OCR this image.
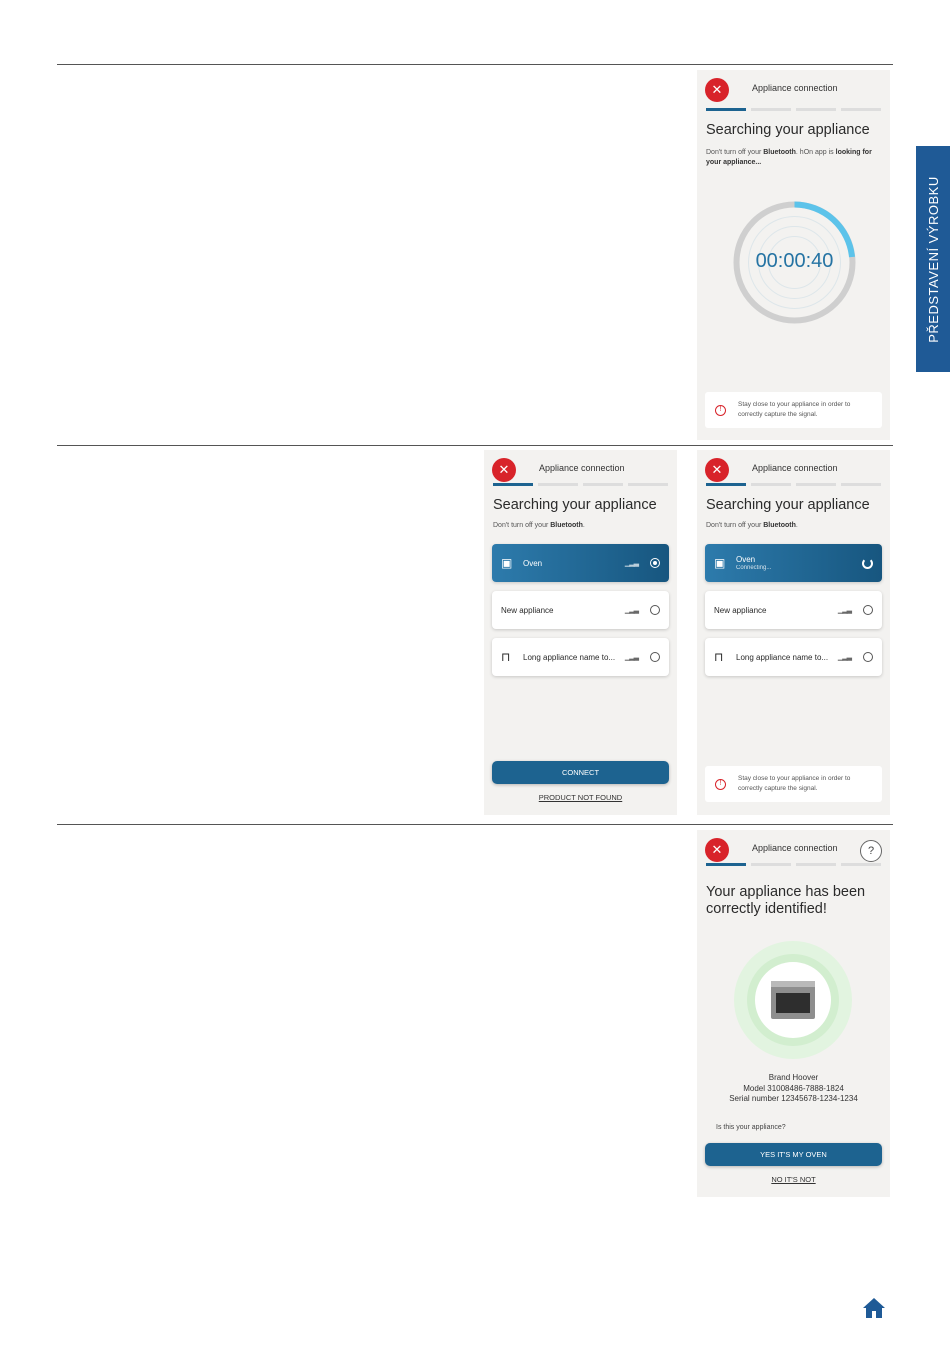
PŘEDSTAVENÍ VÝROBKU
✕	Appliance connection
Searching your appliance
Don't turn off your Bluetooth. hOn app is looking for your appliance...
00:00:40
!
Stay close to your appliance in order to correctly capture the signal.
✕	Appliance connection
Searching your appliance
Don't turn off your Bluetooth.
▣	Oven	▁▂▃
New appliance	▁▂▃
⊓	Long appliance name to...	▁▂▃
CONNECT
PRODUCT NOT FOUND
✕	Appliance connection
Searching your appliance
Don't turn off your Bluetooth.
▣	Oven
Connecting...
New appliance	▁▂▃
⊓	Long appliance name to...	▁▂▃
!
Stay close to your appliance in order to correctly capture the signal.
✕	Appliance connection	?
Your appliance has been correctly identified!
Brand Hoover
Model 31008486-7888-1824
Serial number 12345678-1234-1234
Is this your appliance?
YES IT'S MY OVEN
NO IT'S NOT
